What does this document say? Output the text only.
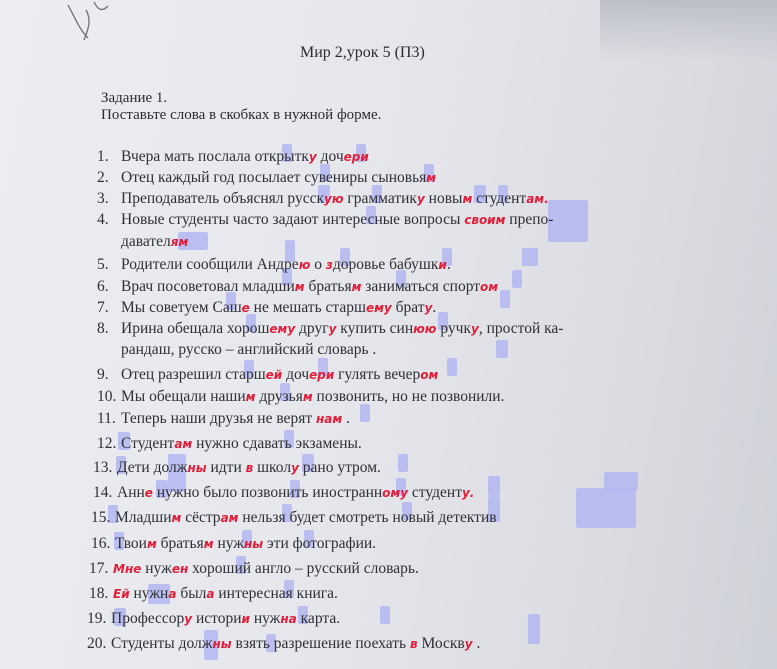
Мир 2,урок 5 (П3)
Задание 1.
Поставьте слова в скобках в нужной форме.
1. Вчера мать послала открытку дочери
2. Отец каждый год посылает сувениры сыновьям
3. Преподаватель объяснял русскую грамматику новым студентам.
4. Новые студенты часто задают интересные вопросы своим препо-
давателям
5. Родители сообщили Андрею о здоровье бабушки.
6. Врач посоветовал младшим братьям заниматься спортом
7. Мы советуем Саше не мешать старшему брату.
8. Ирина обещала хорошему другу купить синюю ручку, простой ка-
рандаш, русско – английский словарь .
9. Отец разрешил старшей дочери гулять вечером
10. Мы обещали нашим друзьям позвонить, но не позвонили.
11. Теперь наши друзья не верят нам .
12. Студентам нужно сдавать экзамены.
13. Дети должны идти в школу рано утром.
14. Анне нужно было позвонить иностранному студенту.
15. Младшим сёстрам нельзя будет смотреть новый детектив
16. Твоим братьям нужны эти фотографии.
17. Мне нужен хороший англо – русский словарь.
18. Ей нужна была интересная книга.
19. Профессору истории нужна карта.
20. Студенты должны взять разрешение поехать в Москву .
